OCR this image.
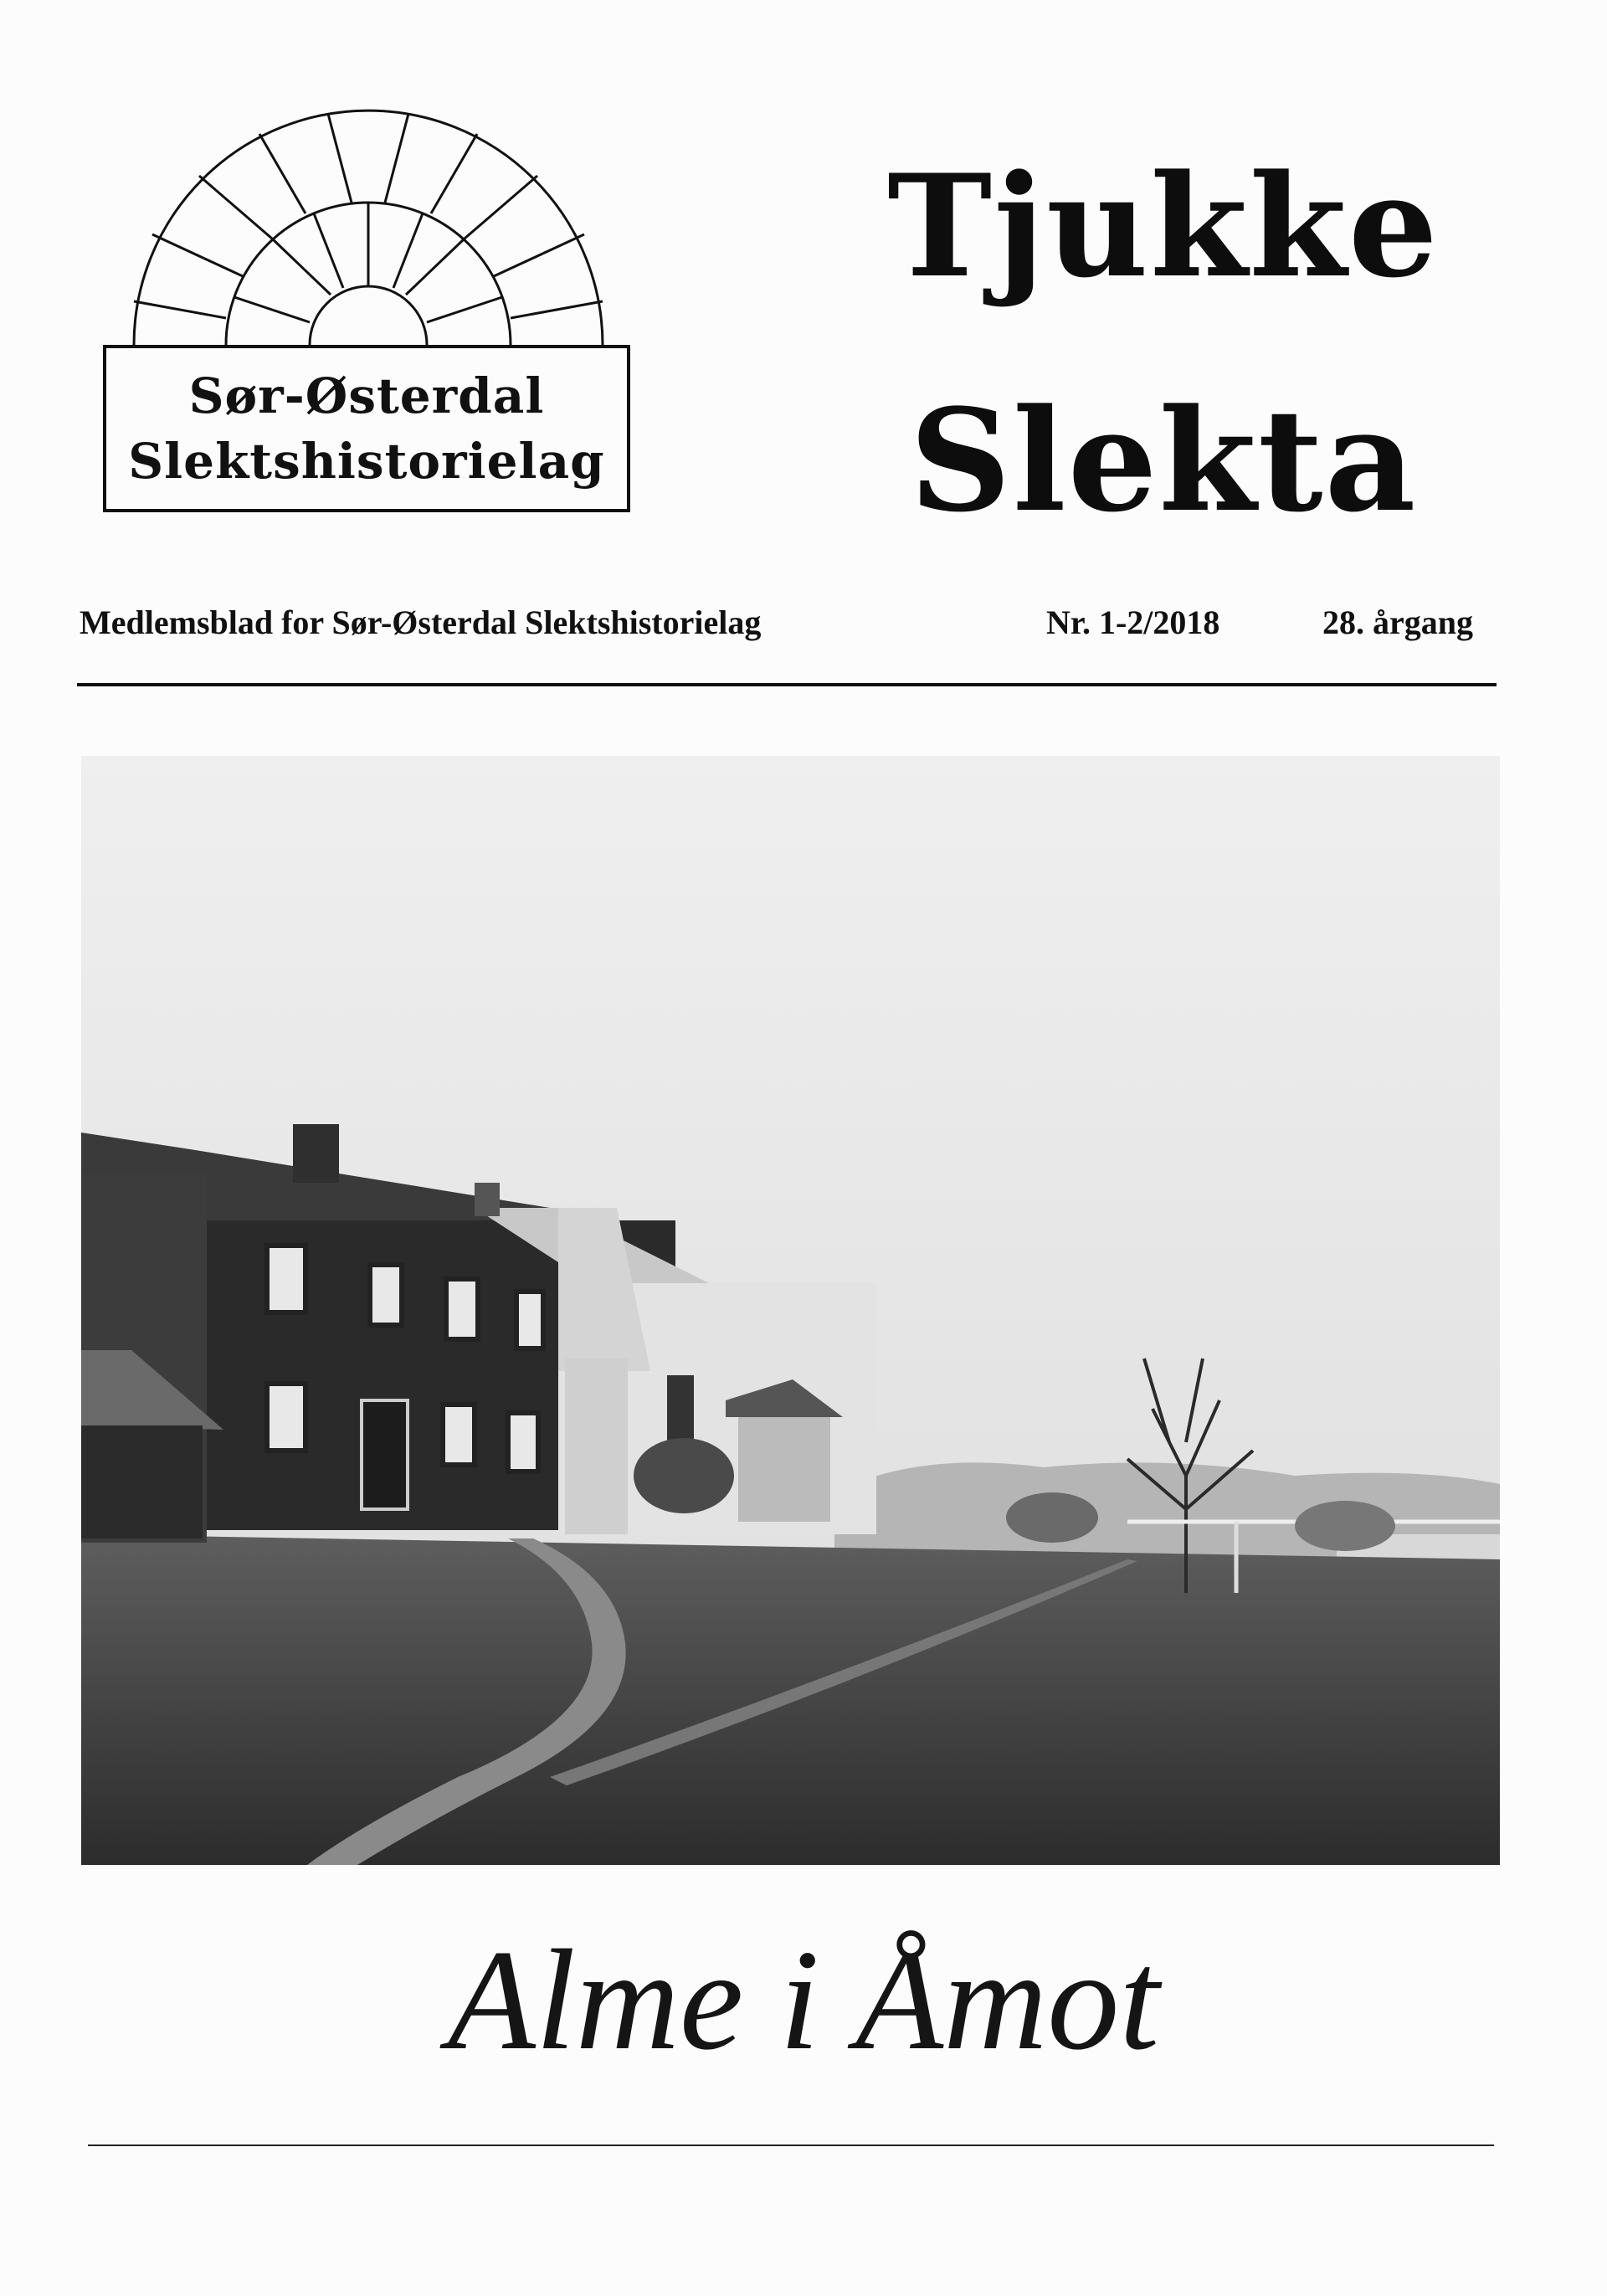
Sør-Østerdal
Slektshistorielag
Tjukke
Slekta
Medlemsblad for Sør-Østerdal Slektshistorielag	Nr. 1-2/2018	28. årgang
Alme i Åmot
